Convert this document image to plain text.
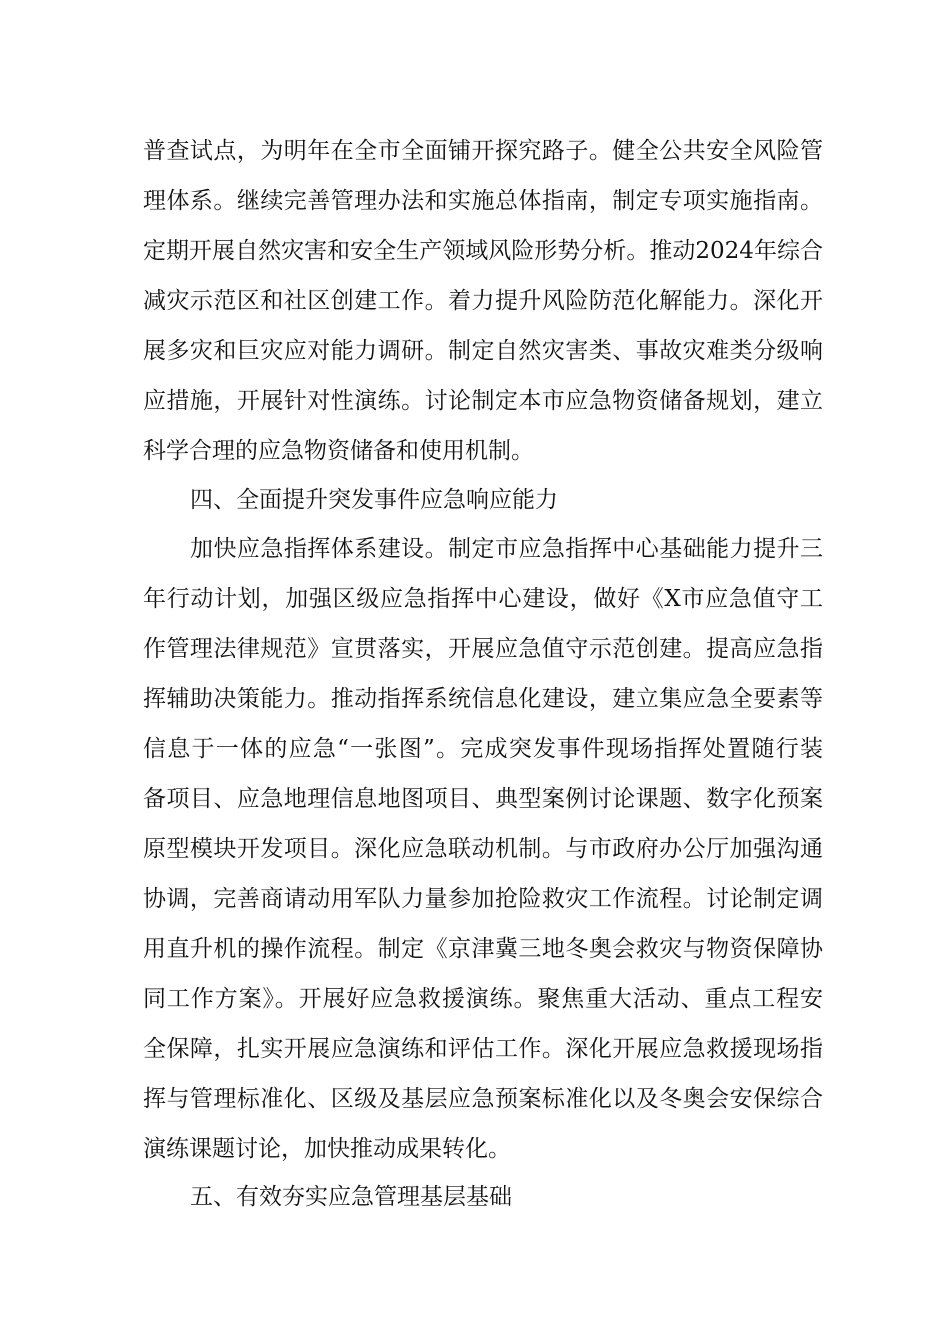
普查试点，为明年在全市全面铺开探究路子。健全公共安全风险管
理体系。继续完善管理办法和实施总体指南，制定专项实施指南。
定期开展自然灾害和安全生产领域风险形势分析。推动2024年综合
减灾示范区和社区创建工作。着力提升风险防范化解能力。深化开
展多灾和巨灾应对能力调研。制定自然灾害类、事故灾难类分级响
应措施，开展针对性演练。讨论制定本市应急物资储备规划，建立
科学合理的应急物资储备和使用机制。
四、全面提升突发事件应急响应能力
加快应急指挥体系建设。制定市应急指挥中心基础能力提升三
年行动计划，加强区级应急指挥中心建设，做好《X市应急值守工
作管理法律规范》宣贯落实，开展应急值守示范创建。提高应急指
挥辅助决策能力。推动指挥系统信息化建设，建立集应急全要素等
信息于一体的应急“一张图”。完成突发事件现场指挥处置随行装
备项目、应急地理信息地图项目、典型案例讨论课题、数字化预案
原型模块开发项目。深化应急联动机制。与市政府办公厅加强沟通
协调，完善商请动用军队力量参加抢险救灾工作流程。讨论制定调
用直升机的操作流程。制定《京津冀三地冬奥会救灾与物资保障协
同工作方案》。开展好应急救援演练。聚焦重大活动、重点工程安
全保障，扎实开展应急演练和评估工作。深化开展应急救援现场指
挥与管理标准化、区级及基层应急预案标准化以及冬奥会安保综合
演练课题讨论，加快推动成果转化。
五、有效夯实应急管理基层基础
